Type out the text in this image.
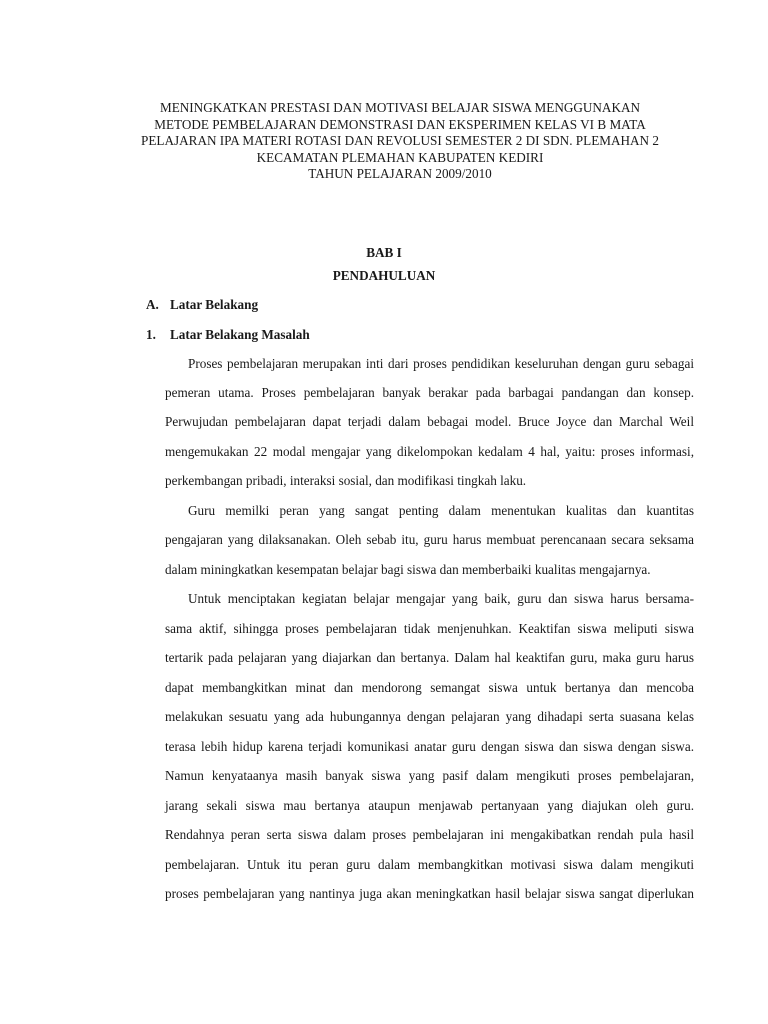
MENINGKATKAN PRESTASI DAN MOTIVASI BELAJAR SISWA MENGGUNAKAN
METODE PEMBELAJARAN DEMONSTRASI DAN EKSPERIMEN KELAS VI B MATA
PELAJARAN IPA MATERI ROTASI DAN REVOLUSI SEMESTER 2 DI SDN. PLEMAHAN 2
KECAMATAN PLEMAHAN KABUPATEN KEDIRI
TAHUN PELAJARAN 2009/2010
BAB I
PENDAHULUAN
A. Latar Belakang
1. Latar Belakang Masalah
Proses pembelajaran merupakan inti dari proses pendidikan keseluruhan dengan guru sebagai
pemeran utama. Proses pembelajaran banyak berakar pada barbagai pandangan dan konsep.
Perwujudan pembelajaran dapat terjadi dalam bebagai model. Bruce Joyce dan Marchal Weil
mengemukakan 22 modal mengajar yang dikelompokan kedalam 4 hal, yaitu: proses informasi,
perkembangan pribadi, interaksi sosial, dan modifikasi tingkah laku.
Guru memilki peran yang sangat penting dalam menentukan kualitas dan kuantitas
pengajaran yang dilaksanakan. Oleh sebab itu, guru harus membuat perencanaan secara seksama
dalam miningkatkan kesempatan belajar bagi siswa dan memberbaiki kualitas mengajarnya.
Untuk menciptakan kegiatan belajar mengajar yang baik, guru dan siswa harus bersama-
sama aktif, sihingga proses pembelajaran tidak menjenuhkan. Keaktifan siswa meliputi siswa
tertarik pada pelajaran yang diajarkan dan bertanya. Dalam hal keaktifan guru, maka guru harus
dapat membangkitkan minat dan mendorong semangat siswa untuk bertanya dan mencoba
melakukan sesuatu yang ada hubungannya dengan pelajaran yang dihadapi serta suasana kelas
terasa lebih hidup karena terjadi komunikasi anatar guru dengan siswa dan siswa dengan siswa.
Namun kenyataanya masih banyak siswa yang pasif dalam mengikuti proses pembelajaran,
jarang sekali siswa mau bertanya ataupun menjawab pertanyaan yang diajukan oleh guru.
Rendahnya peran serta siswa dalam proses pembelajaran ini mengakibatkan rendah pula hasil
pembelajaran. Untuk itu peran guru dalam membangkitkan motivasi siswa dalam mengikuti
proses pembelajaran yang nantinya juga akan meningkatkan hasil belajar siswa sangat diperlukan
